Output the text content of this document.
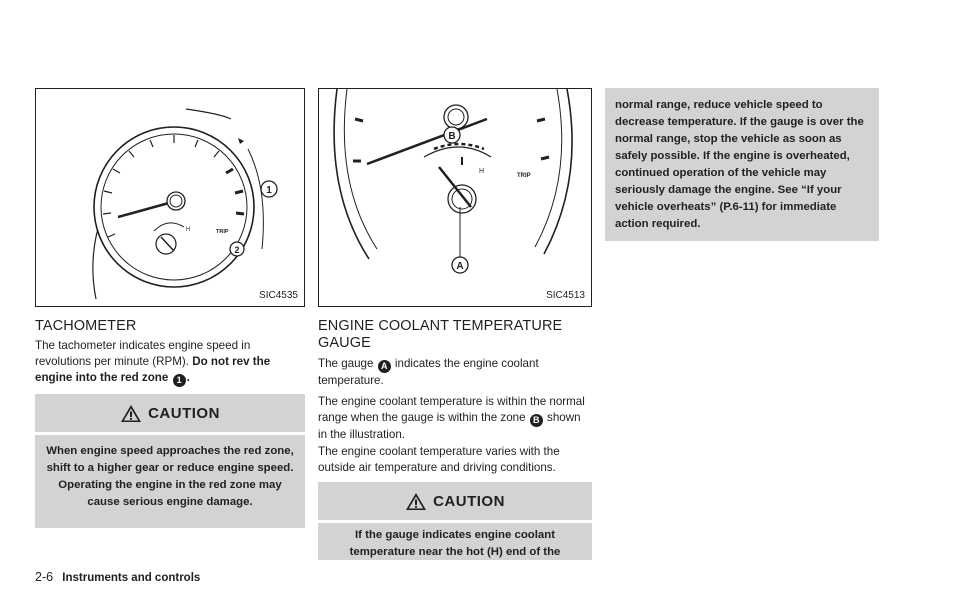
H	TRIP
1
2
SIC4535
TACHOMETER

The tachometer indicates engine speed in revolutions per minute (RPM). Do not rev the engine into the red zone 1 .

CAUTION
When engine speed approaches the red zone, shift to a higher gear or reduce engine speed. Operating the engine in the red zone may cause serious engine damage.
H
TRIP
B
A
SIC4513
ENGINE COOLANT TEMPERATURE
GAUGE

The gauge A indicates the engine coolant temperature.

The engine coolant temperature is within the normal range when the gauge is within the zone B shown in the illustration.

The engine coolant temperature varies with the outside air temperature and driving conditions.

CAUTION
If the gauge indicates engine coolant temperature near the hot (H) end of the
normal range, reduce vehicle speed to decrease temperature. If the gauge is over the normal range, stop the vehicle as soon as safely possible. If the engine is overheated, continued operation of the vehicle may seriously damage the engine. See “If your vehicle overheats” (P.6-11) for immediate action required.
2-6 Instruments and controls
